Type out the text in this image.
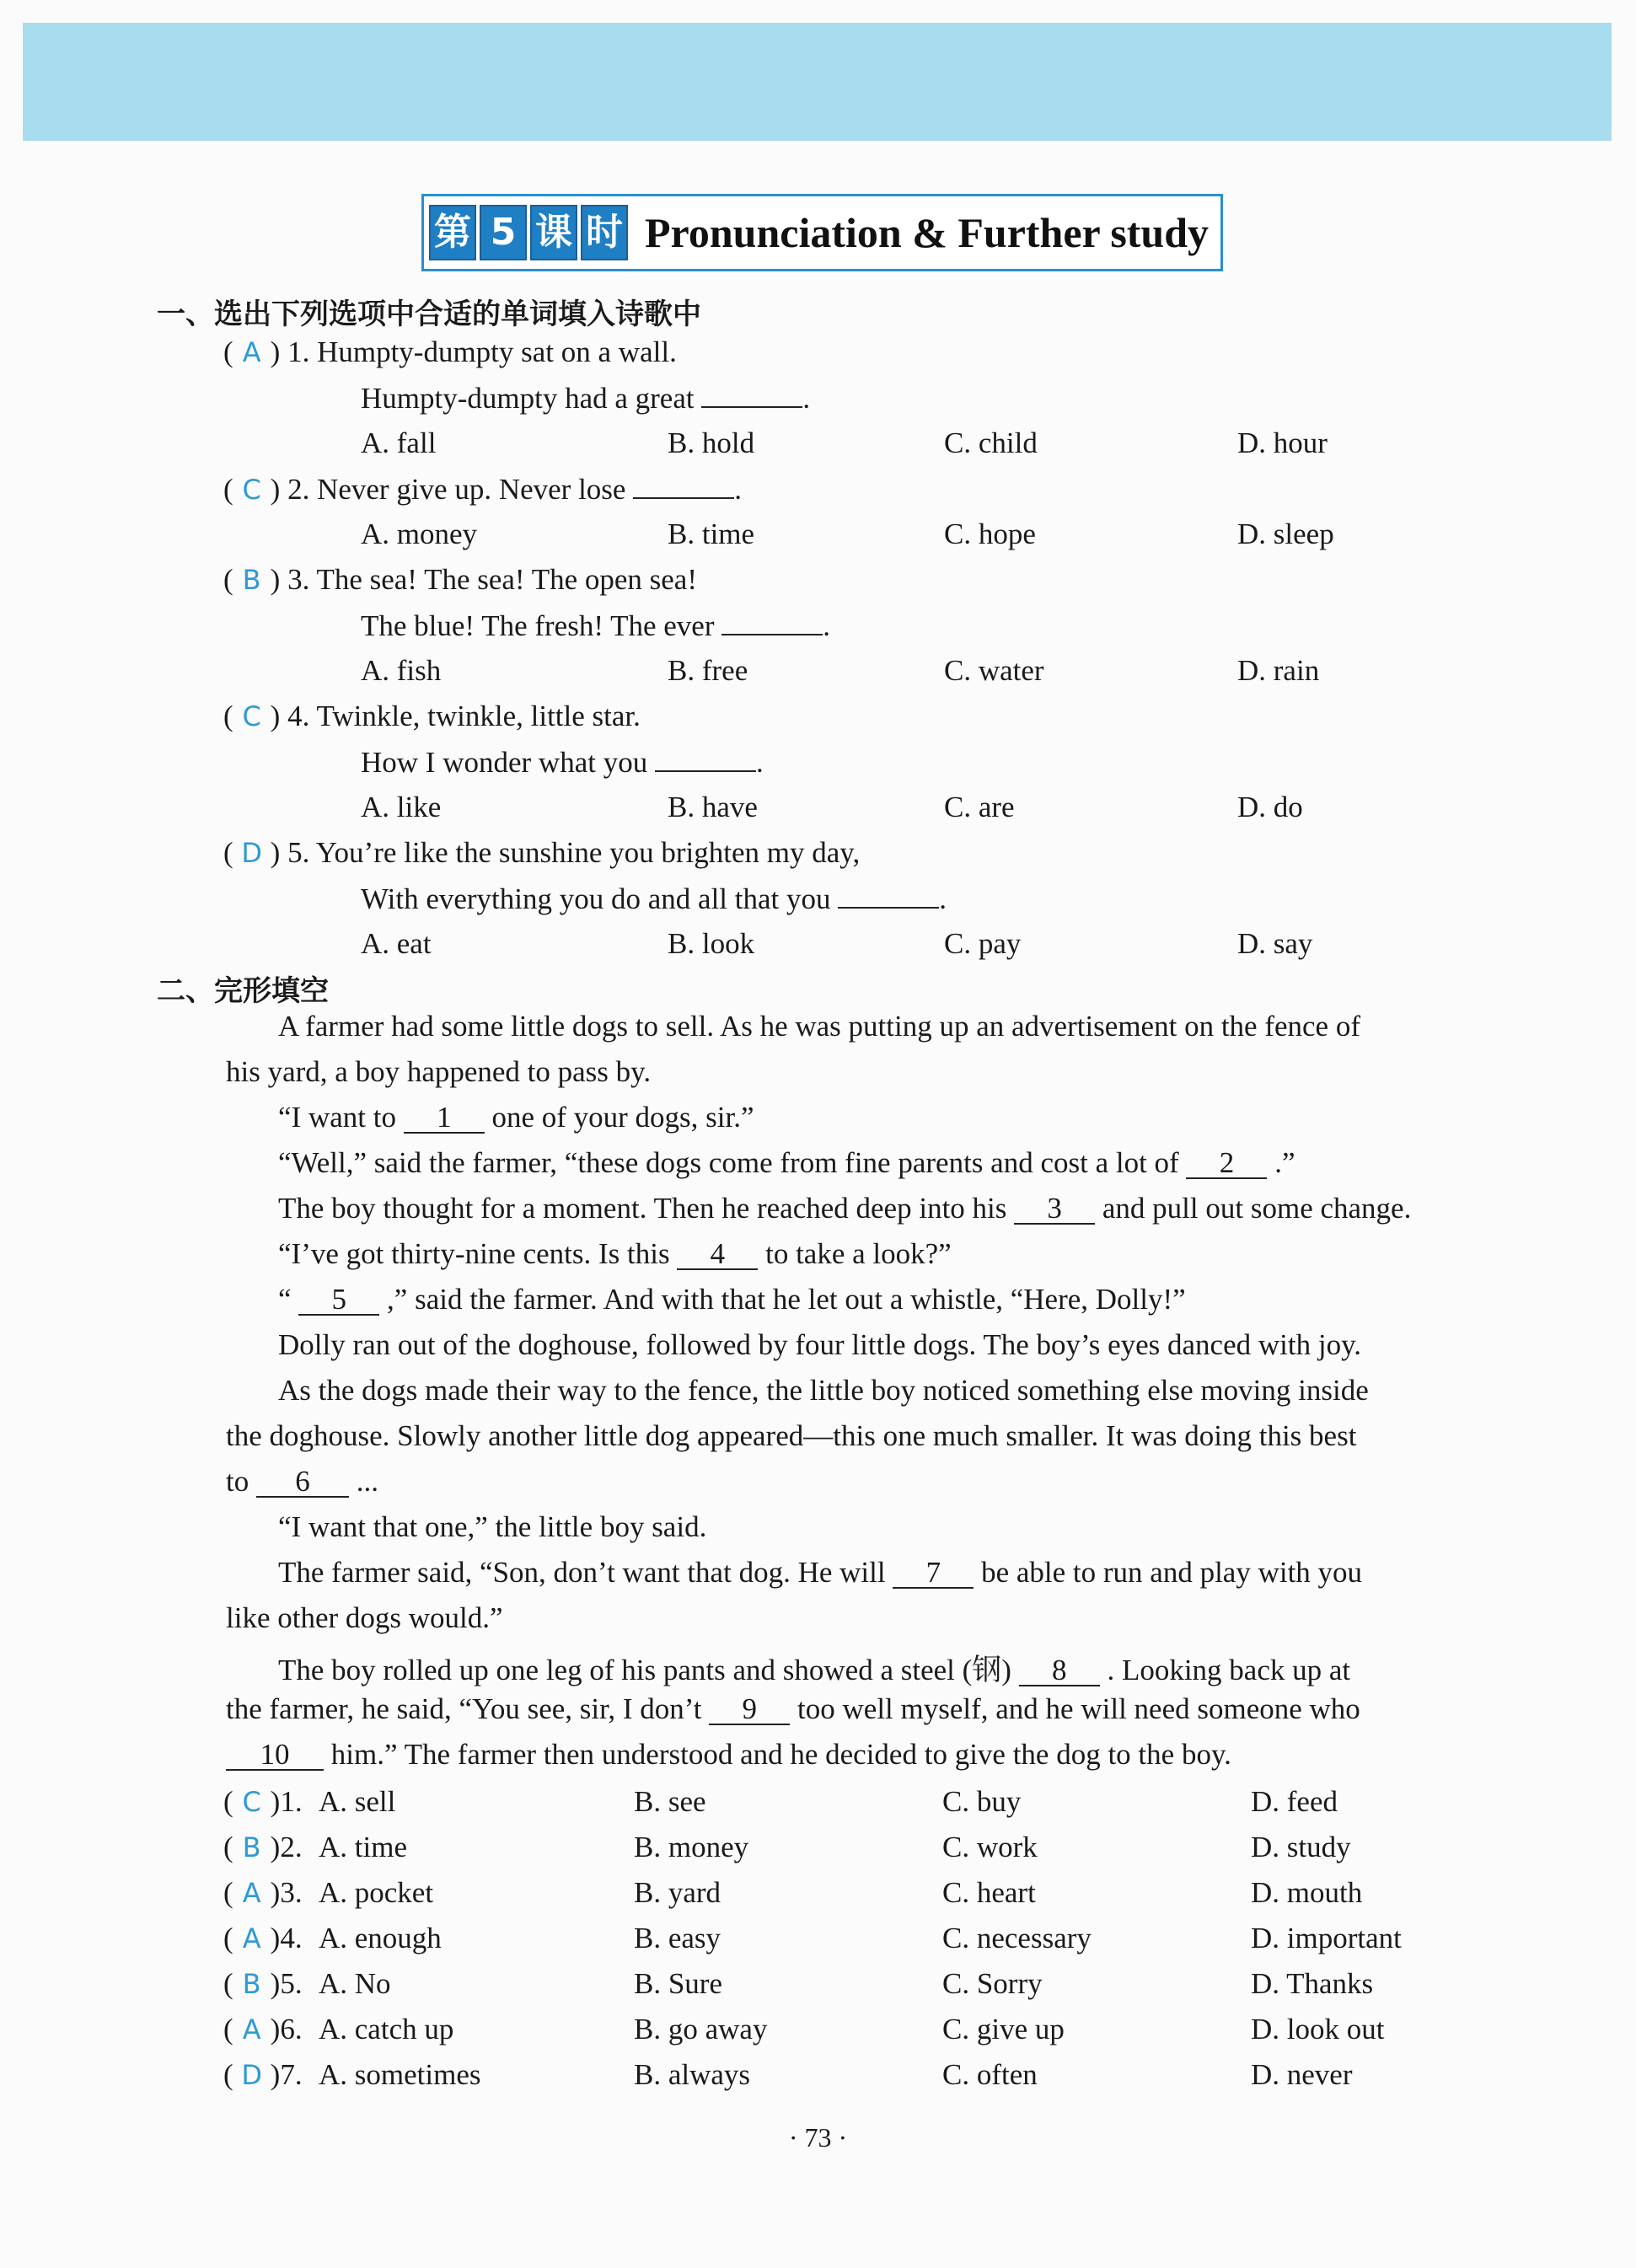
第 5 课 时 Pronunciation & Further study
一、选出下列选项中合适的单词填入诗歌中
( A ) 1. Humpty-dumpty sat on a wall.
Humpty-dumpty had a great	.
A. fall	B. hold	C. child	D. hour
( C ) 2. Never give up. Never lose	.
A. money	B. time	C. hope	D. sleep
( B ) 3. The sea! The sea! The open sea!
The blue! The fresh! The ever	.
A. fish	B. free	C. water	D. rain
( C ) 4. Twinkle, twinkle, little star.
How I wonder what you	.
A. like	B. have	C. are	D. do
( D ) 5. You’re like the sunshine you brighten my day,
With everything you do and all that you	.
A. eat	B. look	C. pay	D. say
二、完形填空
A farmer had some little dogs to sell. As he was putting up an advertisement on the fence of
his yard, a boy happened to pass by.
“I want to 1 one of your dogs, sir.”
“Well,” said the farmer, “these dogs come from fine parents and cost a lot of 2 .”
The boy thought for a moment. Then he reached deep into his 3 and pull out some change.
“I’ve got thirty-nine cents. Is this 4 to take a look?”
“ 5 ,” said the farmer. And with that he let out a whistle, “Here, Dolly!”
Dolly ran out of the doghouse, followed by four little dogs. The boy’s eyes danced with joy.
As the dogs made their way to the fence, the little boy noticed something else moving inside
the doghouse. Slowly another little dog appeared—this one much smaller. It was doing this best
to 6 ...
“I want that one,” the little boy said.
The farmer said, “Son, don’t want that dog. He will 7 be able to run and play with you
like other dogs would.”
The boy rolled up one leg of his pants and showed a steel (钢) 8 . Looking back up at
the farmer, he said, “You see, sir, I don’t 9 too well myself, and he will need someone who
10 him.” The farmer then understood and he decided to give the dog to the boy.
( C )1. A. sell	B. see	C. buy	D. feed
( B )2. A. time	B. money	C. work	D. study
( A )3. A. pocket	B. yard	C. heart	D. mouth
( A )4. A. enough	B. easy	C. necessary	D. important
( B )5. A. No	B. Sure	C. Sorry	D. Thanks
( A )6. A. catch up	B. go away	C. give up	D. look out
( D )7. A. sometimes	B. always	C. often	D. never
· 73 ·
